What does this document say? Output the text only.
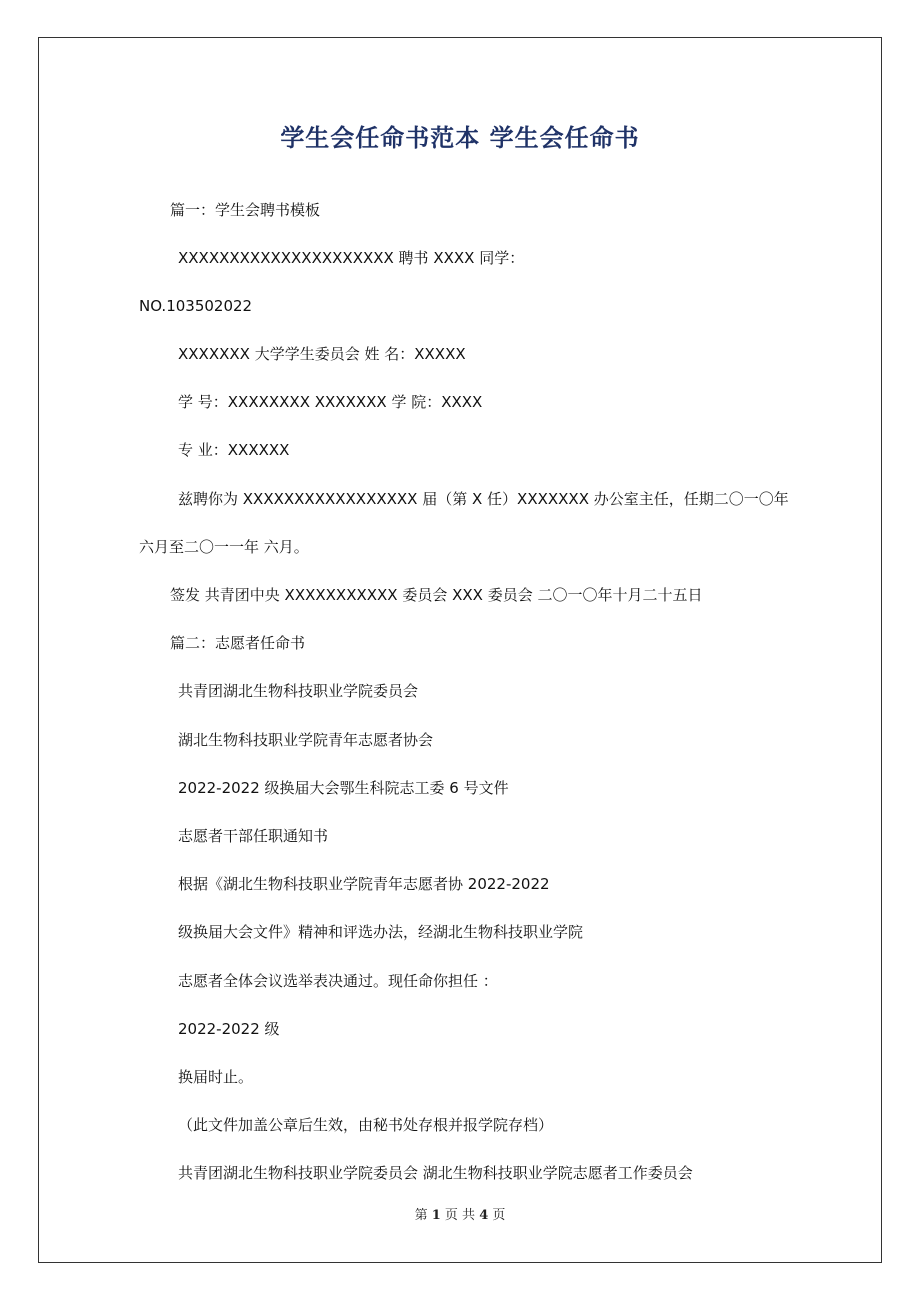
学生会任命书范本 学生会任命书
篇一：学生会聘书模板
XXXXXXXXXXXXXXXXXXXXX 聘书 XXXX 同学：
NO.103502022
XXXXXXX 大学学生委员会 姓 名：XXXXX
学 号：XXXXXXXX XXXXXXX 学 院：XXXX
专 业：XXXXXX
兹聘你为 XXXXXXXXXXXXXXXXX 届（第 X 任）XXXXXXX 办公室主任，任期二〇一〇年
六月至二〇一一年 六月。
签发 共青团中央 XXXXXXXXXXX 委员会 XXX 委员会 二〇一〇年十月二十五日
篇二：志愿者任命书
共青团湖北生物科技职业学院委员会
湖北生物科技职业学院青年志愿者协会
2022-2022 级换届大会鄂生科院志工委 6 号文件
志愿者干部任职通知书
根据《湖北生物科技职业学院青年志愿者协 2022-2022
级换届大会文件》精神和评选办法，经湖北生物科技职业学院
志愿者全体会议选举表决通过。现任命你担任 ：
2022-2022 级
换届时止。
（此文件加盖公章后生效，由秘书处存根并报学院存档）
共青团湖北生物科技职业学院委员会 湖北生物科技职业学院志愿者工作委员会
第 1 页 共 4 页
